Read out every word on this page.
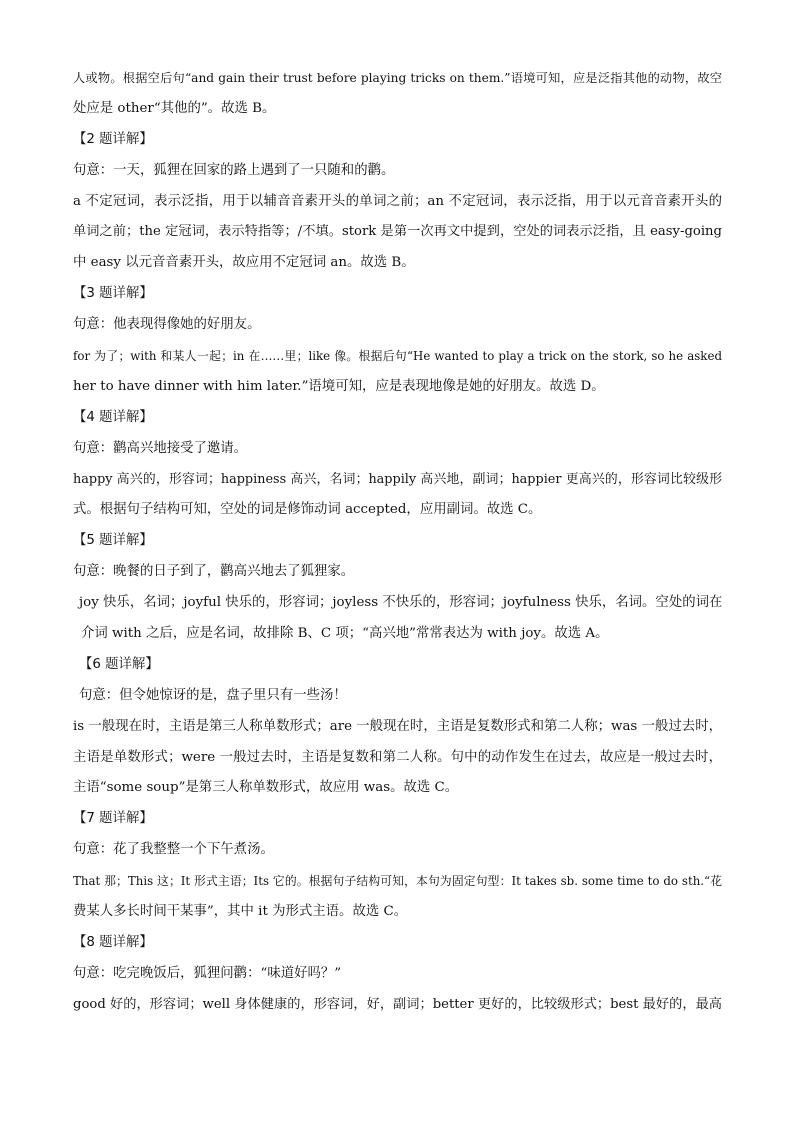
人或物。根据空后句“and gain their trust before playing tricks on them.”语境可知，应是泛指其他的动物，故空
处应是 other“其他的”。故选 B。
【2 题详解】
句意：一天，狐狸在回家的路上遇到了一只随和的鹳。
a 不定冠词，表示泛指，用于以辅音音素开头的单词之前；an 不定冠词，表示泛指，用于以元音音素开头的
单词之前；the 定冠词，表示特指等；/不填。stork 是第一次再文中提到，空处的词表示泛指，且 easy-going
中 easy 以元音音素开头，故应用不定冠词 an。故选 B。
【3 题详解】
句意：他表现得像她的好朋友。
for 为了；with 和某人一起；in 在……里；like 像。根据后句“He wanted to play a trick on the stork, so he asked
her to have dinner with him later.”语境可知，应是表现地像是她的好朋友。故选 D。
【4 题详解】
句意：鹳高兴地接受了邀请。
happy 高兴的，形容词；happiness 高兴，名词；happily 高兴地，副词；happier 更高兴的，形容词比较级形
式。根据句子结构可知，空处的词是修饰动词 accepted，应用副词。故选 C。
【5 题详解】
句意：晚餐的日子到了，鹳高兴地去了狐狸家。
joy 快乐，名词；joyful 快乐的，形容词；joyless 不快乐的，形容词；joyfulness 快乐，名词。空处的词在
介词 with 之后，应是名词，故排除 B、C 项；“高兴地”常常表达为 with joy。故选 A。
【6 题详解】
句意：但令她惊讶的是，盘子里只有一些汤！
is 一般现在时，主语是第三人称单数形式；are 一般现在时，主语是复数形式和第二人称；was 一般过去时，
主语是单数形式；were 一般过去时，主语是复数和第二人称。句中的动作发生在过去，故应是一般过去时，
主语“some soup”是第三人称单数形式，故应用 was。故选 C。
【7 题详解】
句意：花了我整整一个下午煮汤。
That 那；This 这；It 形式主语；Its 它的。根据句子结构可知，本句为固定句型：It takes sb. some time to do sth.“花
费某人多长时间干某事”，其中 it 为形式主语。故选 C。
【8 题详解】
句意：吃完晚饭后，狐狸问鹳：“味道好吗？”
good 好的，形容词；well 身体健康的，形容词，好，副词；better 更好的，比较级形式；best 最好的，最高
